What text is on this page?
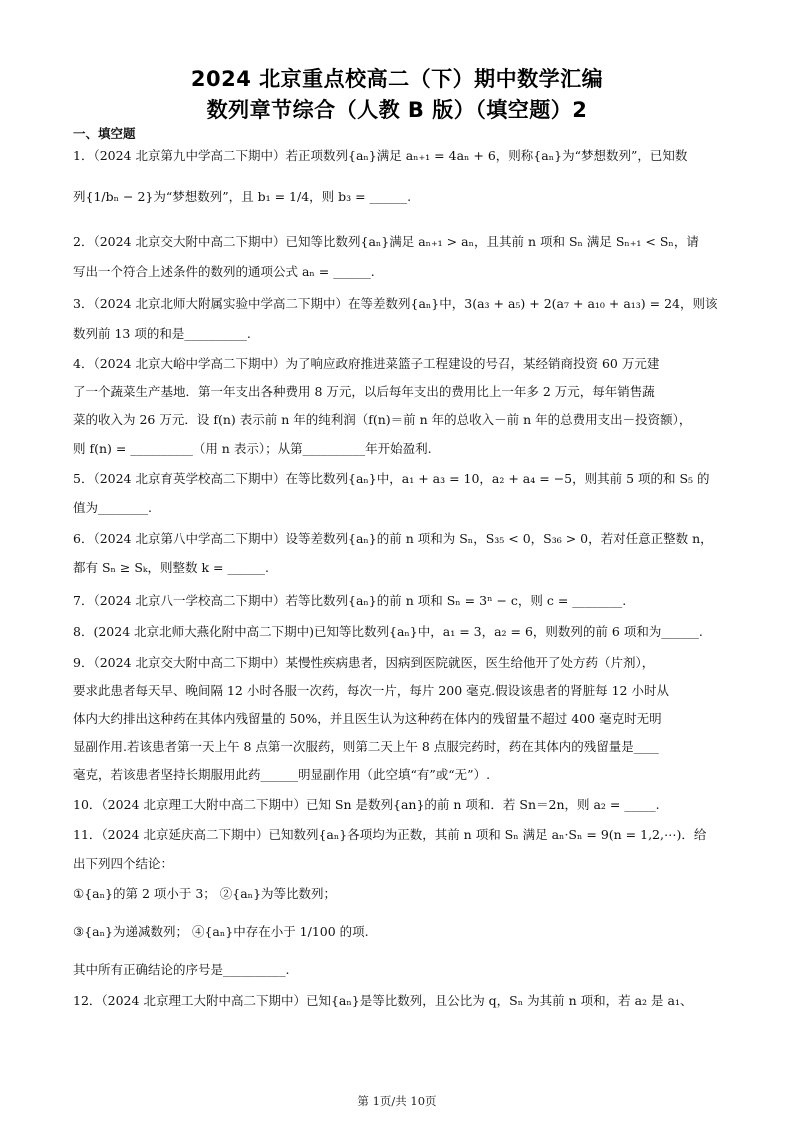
2024 北京重点校高二（下）期中数学汇编
数列章节综合（人教 B 版）（填空题）2
一、填空题
1．（2024 北京第九中学高二下期中）若正项数列{aₙ}满足 aₙ₊₁ = 4aₙ + 6，则称{aₙ}为“梦想数列”，已知数
列{1/bₙ − 2}为“梦想数列”，且 b₁ = 1/4，则 b₃ = ______.
2．（2024 北京交大附中高二下期中）已知等比数列{aₙ}满足 aₙ₊₁ > aₙ，且其前 n 项和 Sₙ 满足 Sₙ₊₁ < Sₙ，请
写出一个符合上述条件的数列的通项公式 aₙ = ______.
3．（2024 北京北师大附属实验中学高二下期中）在等差数列{aₙ}中，3(a₃ + a₅) + 2(a₇ + a₁₀ + a₁₃) = 24，则该
数列前 13 项的和是__________.
4．（2024 北京大峪中学高二下期中）为了响应政府推进菜篮子工程建设的号召，某经销商投资 60 万元建
了一个蔬菜生产基地．第一年支出各种费用 8 万元，以后每年支出的费用比上一年多 2 万元，每年销售蔬
菜的收入为 26 万元．设 f(n) 表示前 n 年的纯利润（f(n)＝前 n 年的总收入－前 n 年的总费用支出－投资额），
则 f(n) = __________（用 n 表示）；从第__________年开始盈利.
5．（2024 北京育英学校高二下期中）在等比数列{aₙ}中，a₁ + a₃ = 10，a₂ + a₄ = −5，则其前 5 项的和 S₅ 的
值为________.
6．（2024 北京第八中学高二下期中）设等差数列{aₙ}的前 n 项和为 Sₙ，S₃₅ < 0，S₃₆ > 0，若对任意正整数 n，
都有 Sₙ ≥ Sₖ，则整数 k = ______.
7．（2024 北京八一学校高二下期中）若等比数列{aₙ}的前 n 项和 Sₙ = 3ⁿ − c，则 c = ________.
8．(2024 北京北师大燕化附中高二下期中)已知等比数列{aₙ}中，a₁ = 3，a₂ = 6，则数列的前 6 项和为______.
9．（2024 北京交大附中高二下期中）某慢性疾病患者，因病到医院就医，医生给他开了处方药（片剂），
要求此患者每天早、晚间隔 12 小时各服一次药，每次一片，每片 200 毫克.假设该患者的肾脏每 12 小时从
体内大约排出这种药在其体内残留量的 50%，并且医生认为这种药在体内的残留量不超过 400 毫克时无明
显副作用.若该患者第一天上午 8 点第一次服药，则第二天上午 8 点服完药时，药在其体内的残留量是____
毫克，若该患者坚持长期服用此药______明显副作用（此空填“有”或“无”）.
10．（2024 北京理工大附中高二下期中）已知 Sn 是数列{an}的前 n 项和．若 Sn＝2n，则 a₂ = _____.
11．（2024 北京延庆高二下期中）已知数列{aₙ}各项均为正数，其前 n 项和 Sₙ 满足 aₙ·Sₙ = 9(n = 1,2,⋯)．给
出下列四个结论：
①{aₙ}的第 2 项小于 3； ②{aₙ}为等比数列；
③{aₙ}为递减数列； ④{aₙ}中存在小于 1/100 的项.
其中所有正确结论的序号是__________.
12．（2024 北京理工大附中高二下期中）已知{aₙ}是等比数列，且公比为 q，Sₙ 为其前 n 项和，若 a₂ 是 a₁、
第 1页/共 10页
